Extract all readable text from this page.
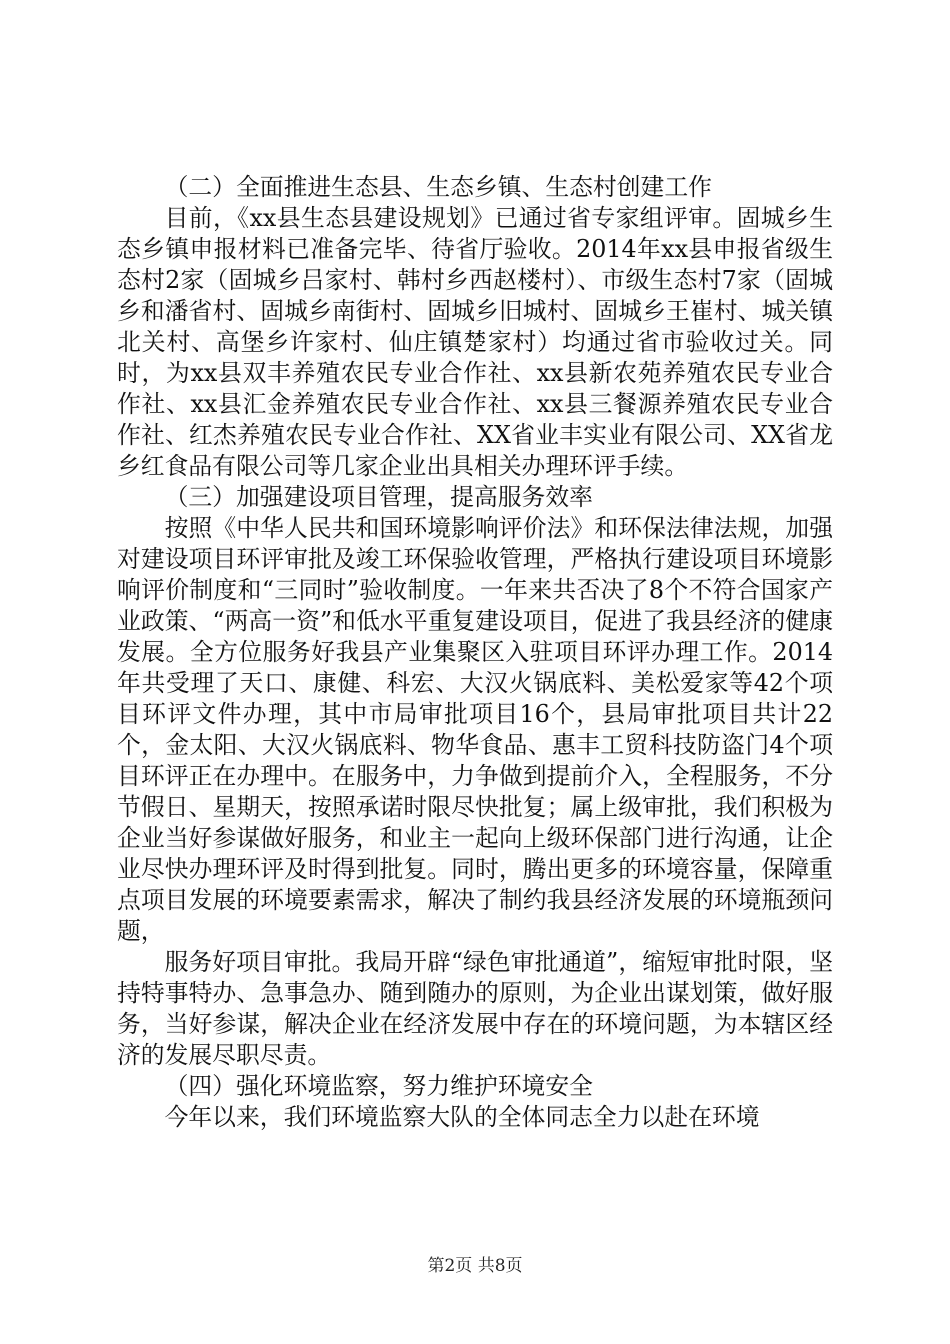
（二）全面推进生态县、生态乡镇、生态村创建工作

目前，《xx县生态县建设规划》已通过省专家组评审。固城乡生态乡镇申报材料已准备完毕、待省厅验收。2014年xx县申报省级生态村2家（固城乡吕家村、韩村乡西赵楼村）、市级生态村7家（固城乡和潘省村、固城乡南街村、固城乡旧城村、固城乡王崔村、城关镇北关村、高堡乡许家村、仙庄镇楚家村）均通过省市验收过关。同时，为xx县双丰养殖农民专业合作社、xx县新农苑养殖农民专业合作社、xx县汇金养殖农民专业合作社、xx县三餐源养殖农民专业合作社、红杰养殖农民专业合作社、XX省业丰实业有限公司、XX省龙乡红食品有限公司等几家企业出具相关办理环评手续。

（三）加强建设项目管理，提高服务效率

按照《中华人民共和国环境影响评价法》和环保法律法规，加强对建设项目环评审批及竣工环保验收管理，严格执行建设项目环境影响评价制度和“三同时”验收制度。一年来共否决了8个不符合国家产业政策、“两高一资”和低水平重复建设项目，促进了我县经济的健康发展。全方位服务好我县产业集聚区入驻项目环评办理工作。2014年共受理了天口、康健、科宏、大汉火锅底料、美松爱家等42个项目环评文件办理，其中市局审批项目16个，县局审批项目共计22个，金太阳、大汉火锅底料、物华食品、惠丰工贸科技防盗门4个项目环评正在办理中。在服务中，力争做到提前介入，全程服务，不分节假日、星期天，按照承诺时限尽快批复；属上级审批，我们积极为企业当好参谋做好服务，和业主一起向上级环保部门进行沟通，让企业尽快办理环评及时得到批复。同时，腾出更多的环境容量，保障重点项目发展的环境要素需求，解决了制约我县经济发展的环境瓶颈问题，

服务好项目审批。我局开辟“绿色审批通道”，缩短审批时限，坚持特事特办、急事急办、随到随办的原则，为企业出谋划策，做好服务，当好参谋，解决企业在经济发展中存在的环境问题，为本辖区经济的发展尽职尽责。

（四）强化环境监察，努力维护环境安全

今年以来，我们环境监察大队的全体同志全力以赴在环境

第2页 共8页
